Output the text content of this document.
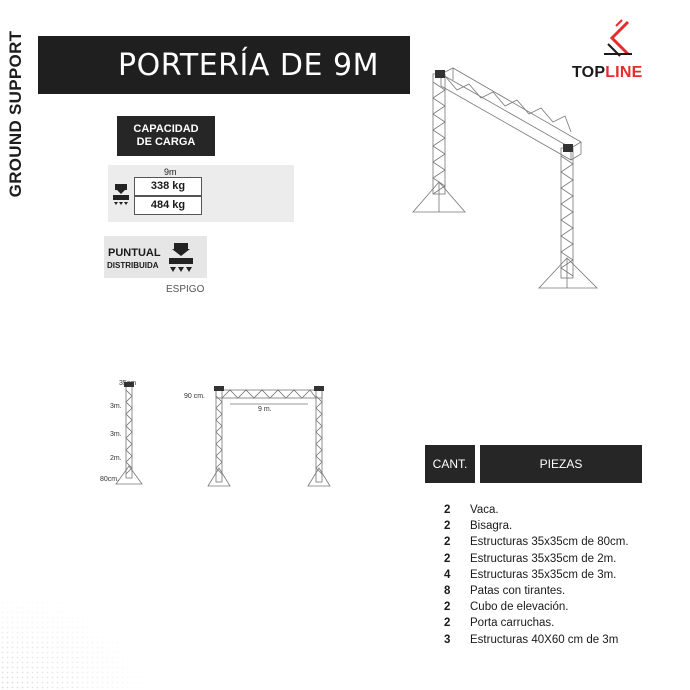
GROUND SUPPORT	PORTERÍA DE 9M	TOPLINE
CAPACIDAD
DE CARGA
9m
338 kg
484 kg
PUNTUAL
DISTRIBUIDA
ESPIGO
35cm
3m.
3m.
2m.
80cm.
90 cm.
9 m.
CANT.	PIEZAS
2 Vaca.
2 Bisagra.
2 Estructuras 35x35cm de 80cm.
2 Estructuras 35x35cm de 2m.
4 Estructuras 35x35cm de 3m.
8 Patas con tirantes.
2 Cubo de elevación.
2 Porta carruchas.
3 Estructuras 40X60 cm de 3m
